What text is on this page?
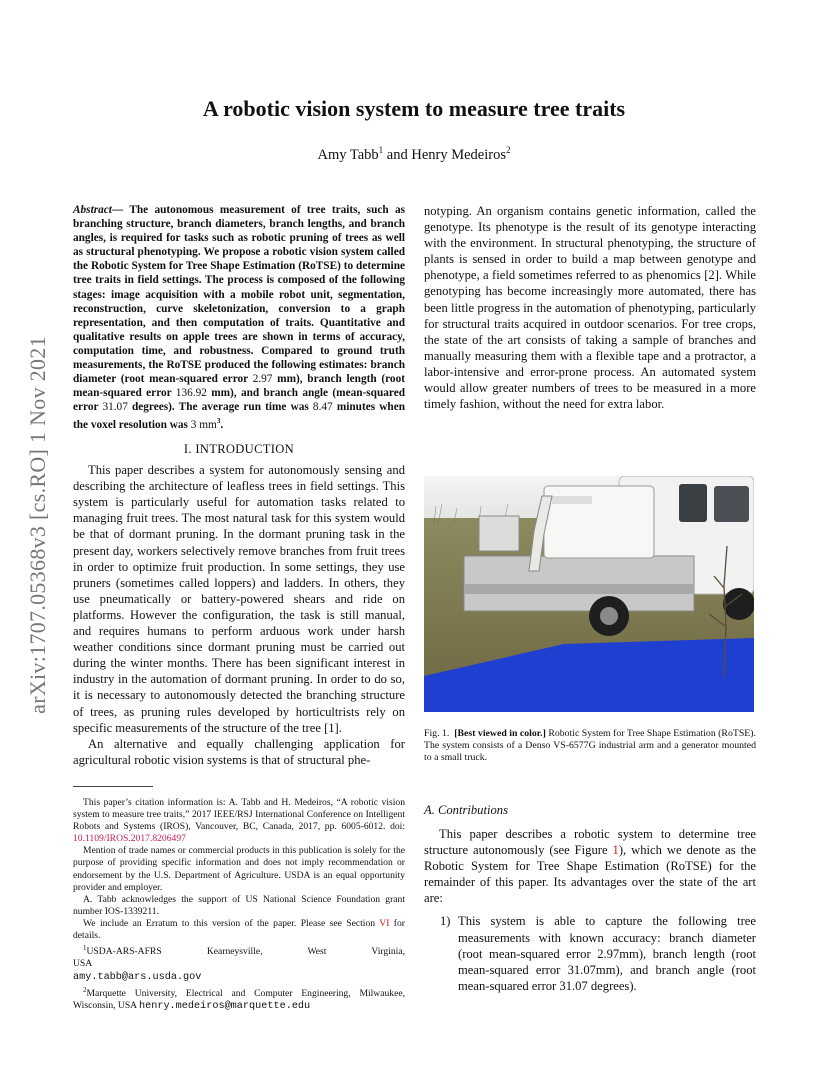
arXiv:1707.05368v3 [cs.RO] 1 Nov 2021
A robotic vision system to measure tree traits
Amy Tabb$^1$ and Henry Medeiros$^2$
Abstract— The autonomous measurement of tree traits, such as branching structure, branch diameters, branch lengths, and branch angles, is required for tasks such as robotic pruning of trees as well as structural phenotyping. We propose a robotic vision system called the Robotic System for Tree Shape Estimation (RoTSE) to determine tree traits in field settings. The process is composed of the following stages: image acquisition with a mobile robot unit, segmentation, reconstruction, curve skeletonization, conversion to a graph representation, and then computation of traits. Quantitative and qualitative results on apple trees are shown in terms of accuracy, computation time, and robustness. Compared to ground truth measurements, the RoTSE produced the following estimates: branch diameter (root mean-squared error 2.97 mm), branch length (root mean-squared error 136.92 mm), and branch angle (mean-squared error 31.07 degrees). The average run time was 8.47 minutes when the voxel resolution was 3 $mm^3$.
I. INTRODUCTION

This paper describes a system for autonomously sensing and describing the architecture of leafless trees in field settings. This system is particularly useful for automation tasks related to managing fruit trees. The most natural task for this system would be that of dormant pruning. In the dormant pruning task in the present day, workers selectively remove branches from fruit trees in order to optimize fruit production. In some settings, they use pruners (sometimes called loppers) and ladders. In others, they use pneumatically or battery-powered shears and ride on platforms. However the configuration, the task is still manual, and requires humans to perform arduous work under harsh weather conditions since dormant pruning must be carried out during the winter months. There has been significant interest in industry in the automation of dormant pruning. In order to do so, it is necessary to autonomously detected the branching structure of trees, as pruning rules developed by horticultrists rely on specific measurements of the structure of the tree [1].

An alternative and equally challenging application for agricultural robotic vision systems is that of structural phe-

This paper’s citation information is: A. Tabb and H. Medeiros, “A robotic vision system to measure tree traits,” 2017 IEEE/RSJ International Conference on Intelligent Robots and Systems (IROS), Vancouver, BC, Canada, 2017, pp. 6005-6012. doi: 10.1109/IROS.2017.8206497

Mention of trade names or commercial products in this publication is solely for the purpose of providing specific information and does not imply recommendation or endorsement by the U.S. Department of Agriculture. USDA is an equal opportunity provider and employer.

A. Tabb acknowledges the support of US National Science Foundation grant number IOS-1339211.

We include an Erratum to this version of the paper. Please see Section VI for details.

$^1$USDA-ARS-AFRS Kearneysville, West Virginia, USA

amy.tabb@ars.usda.gov

$^2$Marquette University, Electrical and Computer Engineering, Milwaukee, Wisconsin, USA henry.medeiros@marquette.edu

notyping. An organism contains genetic information, called the genotype. Its phenotype is the result of its genotype interacting with the environment. In structural phenotyping, the structure of plants is sensed in order to build a map between genotype and phenotype, a field sometimes referred to as phenomics [2]. While genotyping has become increasingly more automated, there has been little progress in the automation of phenotyping, particularly for structural traits acquired in outdoor scenarios. For tree crops, the state of the art consists of taking a sample of branches and manually measuring them with a flexible tape and a protractor, a labor-intensive and error-prone process. An automated system would allow greater numbers of trees to be measured in a more timely fashion, without the need for extra labor.
Fig. 1. [Best viewed in color.] Robotic System for Tree Shape Estimation (RoTSE). The system consists of a Denso VS-6577G industrial arm and a generator mounted to a small truck.
A. Contributions

This paper describes a robotic system to determine tree structure autonomously (see Figure 1), which we denote as the Robotic System for Tree Shape Estimation (RoTSE) for the remainder of this paper. Its advantages over the state of the art are:

1) This system is able to capture the following tree measurements with known accuracy: branch diameter (root mean-squared error 2.97mm), branch length (root mean-squared error 31.07mm), and branch angle (root mean-squared error 31.07 degrees).
